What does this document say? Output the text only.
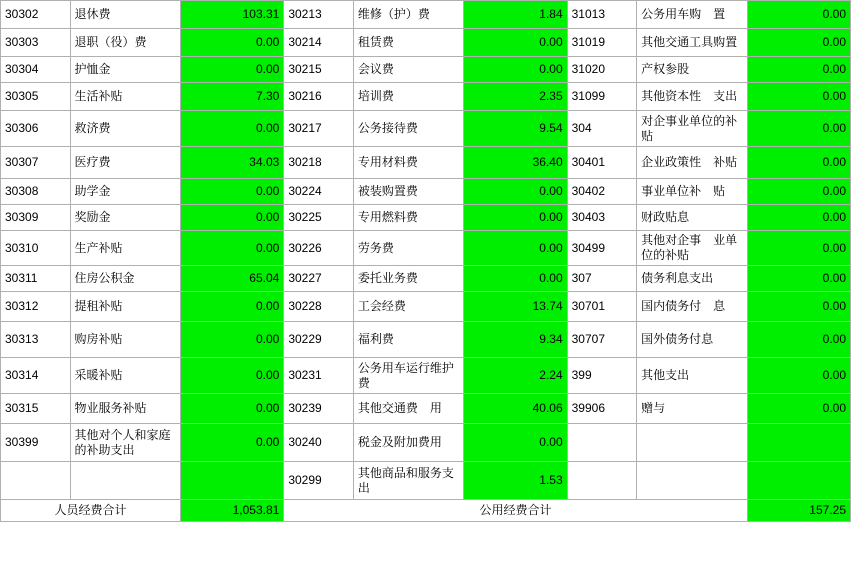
30302	退休费	103.31	30213	维修（护）费	1.84	31013	公务用车购　置	0.00
30303	退职（役）费	0.00	30214	租赁费	0.00	31019	其他交通工具购置	0.00
30304	护恤金	0.00	30215	会议费	0.00	31020	产权参股	0.00
30305	生活补贴	7.30	30216	培训费	2.35	31099	其他资本性　支出	0.00
30306	救济费	0.00	30217	公务接待费	9.54	304	对企事业单位的补贴	0.00
30307	医疗费	34.03	30218	专用材料费	36.40	30401	企业政策性　补贴	0.00
30308	助学金	0.00	30224	被装购置费	0.00	30402	事业单位补　贴	0.00
30309	奖励金	0.00	30225	专用燃料费	0.00	30403	财政贴息	0.00
30310	生产补贴	0.00	30226	劳务费	0.00	30499	其他对企事　业单位的补贴	0.00
30311	住房公积金	65.04	30227	委托业务费	0.00	307	债务利息支出	0.00
30312	提租补贴	0.00	30228	工会经费	13.74	30701	国内债务付　息	0.00
30313	购房补贴	0.00	30229	福利费	9.34	30707	国外债务付息	0.00
30314	采暖补贴	0.00	30231	公务用车运行维护费	2.24	399	其他支出	0.00
30315	物业服务补贴	0.00	30239	其他交通费　用	40.06	39906	赠与	0.00
30399	其他对个人和家庭的补助支出	0.00	30240	税金及附加费用	0.00			
			30299	其他商品和服务支出	1.53			
人员经费合计		1,053.81	公用经费合计					157.25
